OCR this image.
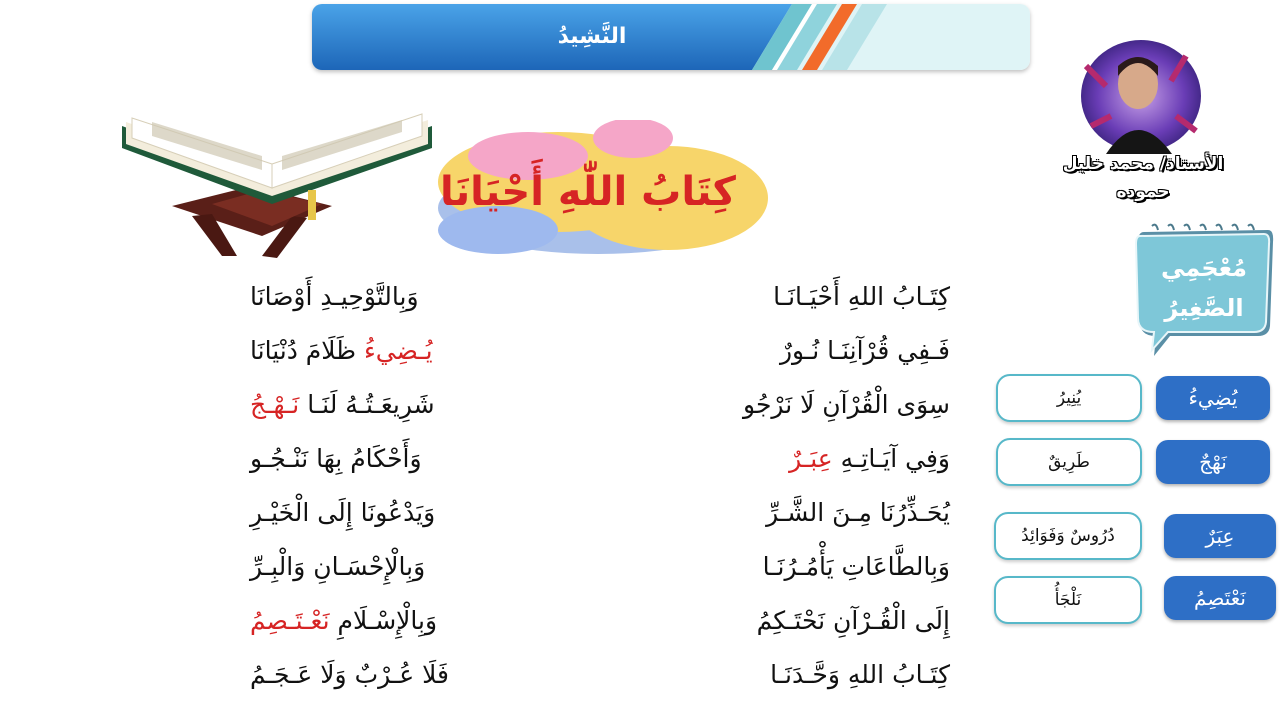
النَّشِيدُ
كِتَابُ اللّٰهِ أَحْيَانَا
الأستاذ/ محمد خليل حموده
كِتَـابُ اللهِ أَحْيَـانَـا
وَبِالتَّوْحِيـدِ أَوْصَانَا
فَـفِي قُرْآنِنَـا نُـورٌ
يُـضِيءُ ظَلَامَ دُنْيَانَا
سِوَى الْقُرْآنِ لَا نَرْجُو
شَرِيعَـتُـهُ لَنَـا نَـهْـجُ
وَفِي آيَـاتِـهِ عِبَـرٌ
وَأَحْكَامُ بِهَا نَنْـجُـو
يُحَـذِّرُنَا مِـنَ الشَّـرِّ
وَيَدْعُونَا إِلَى الْخَيْـرِ
وَبِالطَّاعَاتِ يَأْمُـرُنَـا
وَبِالْإِحْسَـانِ وَالْبِـرِّ
إِلَى الْقُـرْآنِ نَحْتَـكِمُ
وَبِالْإِسْـلَامِ نَعْـتَـصِمُ
كِتَـابُ اللهِ وَحَّـدَنَـا
فَلَا عُـرْبٌ وَلَا عَـجَـمُ
مُعْجَمِي
الصَّغِيرُ
يُضِيءُ
يُنِيرُ
نَهْجٌ
طَرِيقٌ
عِبَرٌ
دُرُوسٌ وَفَوَائِدُ
نَعْتَصِمُ
نَلْجَأُ
